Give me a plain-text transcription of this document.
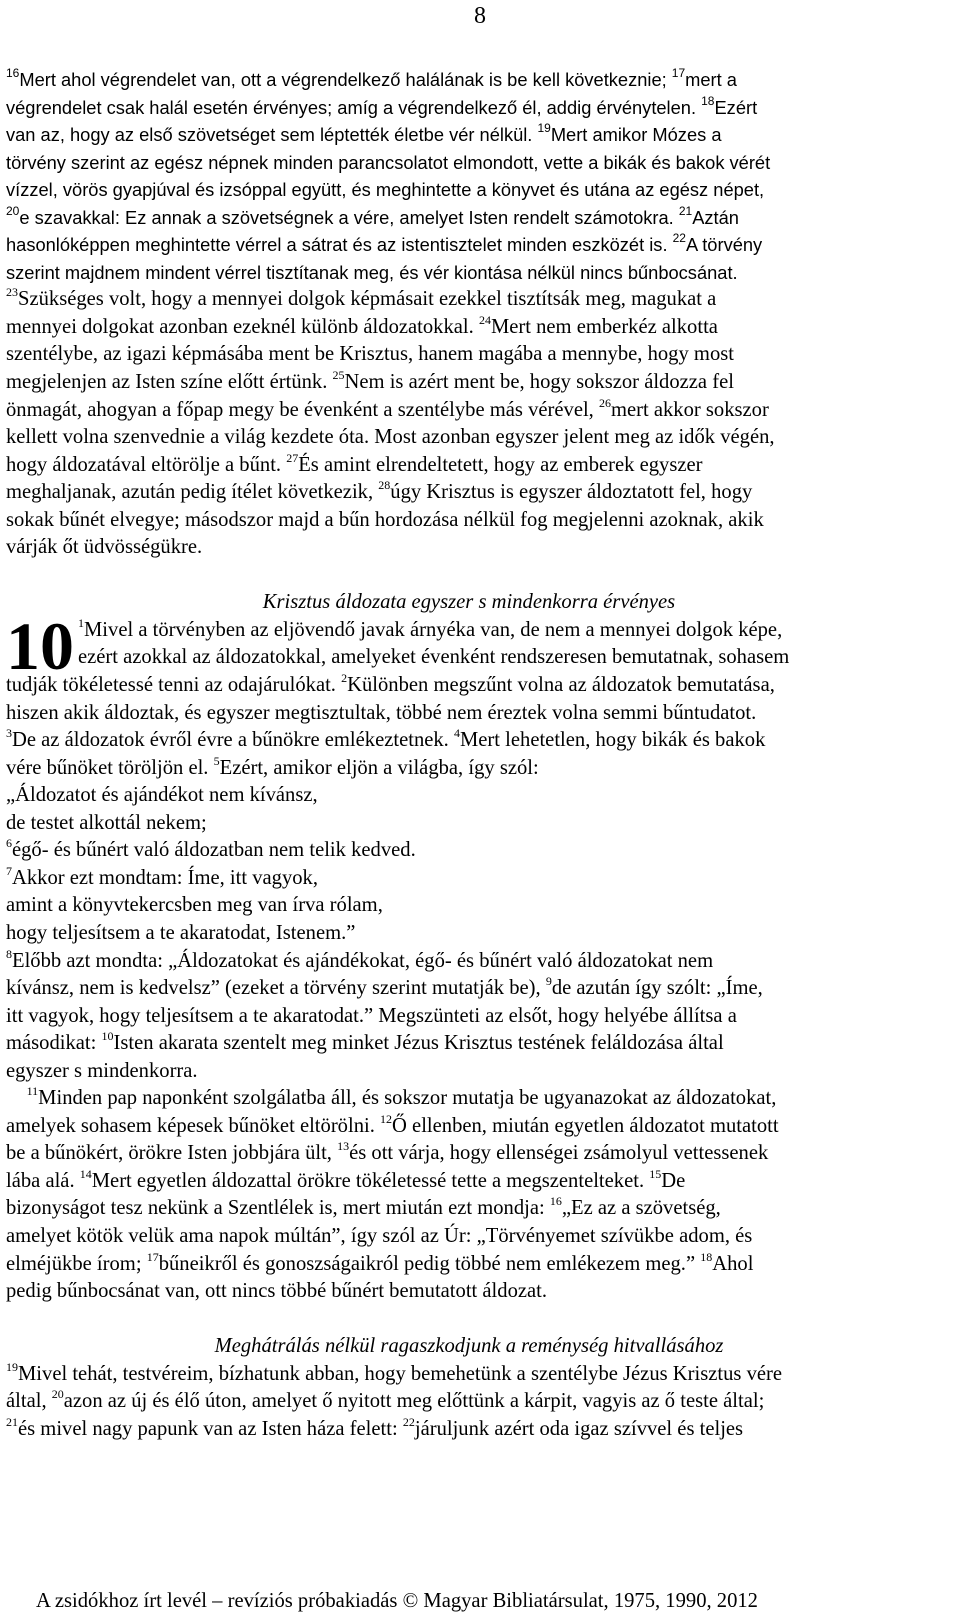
8
$^{16}$Mert ahol végrendelet van, ott a végrendelkező halálának is be kell következnie; $^{17}$mert a
végrendelet csak halál esetén érvényes; amíg a végrendelkező él, addig érvénytelen. $^{18}$Ezért
van az, hogy az első szövetséget sem léptették életbe vér nélkül. $^{19}$Mert amikor Mózes a
törvény szerint az egész népnek minden parancsolatot elmondott, vette a bikák és bakok vérét
vízzel, vörös gyapjúval és izsóppal együtt, és meghintette a könyvet és utána az egész népet,
$^{20}$e szavakkal: Ez annak a szövetségnek a vére, amelyet Isten rendelt számotokra. $^{21}$Aztán
hasonlóképpen meghintette vérrel a sátrat és az istentisztelet minden eszközét is. $^{22}$A törvény
szerint majdnem mindent vérrel tisztítanak meg, és vér kiontása nélkül nincs bűnbocsánat.
$^{23}$Szükséges volt, hogy a mennyei dolgok képmásait ezekkel tisztítsák meg, magukat a
mennyei dolgokat azonban ezeknél különb áldozatokkal. $^{24}$Mert nem emberkéz alkotta
szentélybe, az igazi képmásába ment be Krisztus, hanem magába a mennybe, hogy most
megjelenjen az Isten színe előtt értünk. $^{25}$Nem is azért ment be, hogy sokszor áldozza fel
önmagát, ahogyan a főpap megy be évenként a szentélybe más vérével, $^{26}$mert akkor sokszor
kellett volna szenvednie a világ kezdete óta. Most azonban egyszer jelent meg az idők végén,
hogy áldozatával eltörölje a bűnt. $^{27}$És amint elrendeltetett, hogy az emberek egyszer
meghaljanak, azután pedig ítélet következik, $^{28}$úgy Krisztus is egyszer áldoztatott fel, hogy
sokak bűnét elvegye; másodszor majd a bűn hordozása nélkül fog megjelenni azoknak, akik
várják őt üdvösségükre.
Krisztus áldozata egyszer s mindenkorra érvényes
10 $^1$Mivel a törvényben az eljövendő javak árnyéka van, de nem a mennyei dolgok képe,
ezért azokkal az áldozatokkal, amelyeket évenként rendszeresen bemutatnak, sohasem
tudják tökéletessé tenni az odajárulókat. $^2$Különben megszűnt volna az áldozatok bemutatása,
hiszen akik áldoztak, és egyszer megtisztultak, többé nem éreztek volna semmi bűntudatot.
$^3$De az áldozatok évről évre a bűnökre emlékeztetnek. $^4$Mert lehetetlen, hogy bikák és bakok
vére bűnöket töröljön el. $^5$Ezért, amikor eljön a világba, így szól:
„Áldozatot és ajándékot nem kívánsz,
de testet alkottál nekem;
$^6$égő- és bűnért való áldozatban nem telik kedved.
$^7$Akkor ezt mondtam: Íme, itt vagyok,
amint a könyvtekercsben meg van írva rólam,
hogy teljesítsem a te akaratodat, Istenem.”
$^8$Előbb azt mondta: „Áldozatokat és ajándékokat, égő- és bűnért való áldozatokat nem
kívánsz, nem is kedvelsz” (ezeket a törvény szerint mutatják be), $^9$de azután így szólt: „Íme,
itt vagyok, hogy teljesítsem a te akaratodat.” Megszünteti az elsőt, hogy helyébe állítsa a
másodikat: $^{10}$Isten akarata szentelt meg minket Jézus Krisztus testének feláldozása által
egyszer s mindenkorra.
$^{11}$Minden pap naponként szolgálatba áll, és sokszor mutatja be ugyanazokat az áldozatokat,
amelyek sohasem képesek bűnöket eltörölni. $^{12}$Ő ellenben, miután egyetlen áldozatot mutatott
be a bűnökért, örökre Isten jobbjára ült, $^{13}$és ott várja, hogy ellenségei zsámolyul vettessenek
lába alá. $^{14}$Mert egyetlen áldozattal örökre tökéletessé tette a megszentelteket. $^{15}$De
bizonyságot tesz nekünk a Szentlélek is, mert miután ezt mondja: $^{16}$„Ez az a szövetség,
amelyet kötök velük ama napok múltán”, így szól az Úr: „Törvényemet szívükbe adom, és
elméjükbe írom; $^{17}$bűneikről és gonoszságaikról pedig többé nem emlékezem meg.” $^{18}$Ahol
pedig bűnbocsánat van, ott nincs többé bűnért bemutatott áldozat.
Meghátrálás nélkül ragaszkodjunk a reménység hitvallásához
$^{19}$Mivel tehát, testvéreim, bízhatunk abban, hogy bemehetünk a szentélybe Jézus Krisztus vére
által, $^{20}$azon az új és élő úton, amelyet ő nyitott meg előttünk a kárpit, vagyis az ő teste által;
$^{21}$és mivel nagy papunk van az Isten háza felett: $^{22}$járuljunk azért oda igaz szívvel és teljes
A zsidókhoz írt levél – revíziós próbakiadás © Magyar Bibliatársulat, 1975, 1990, 2012
